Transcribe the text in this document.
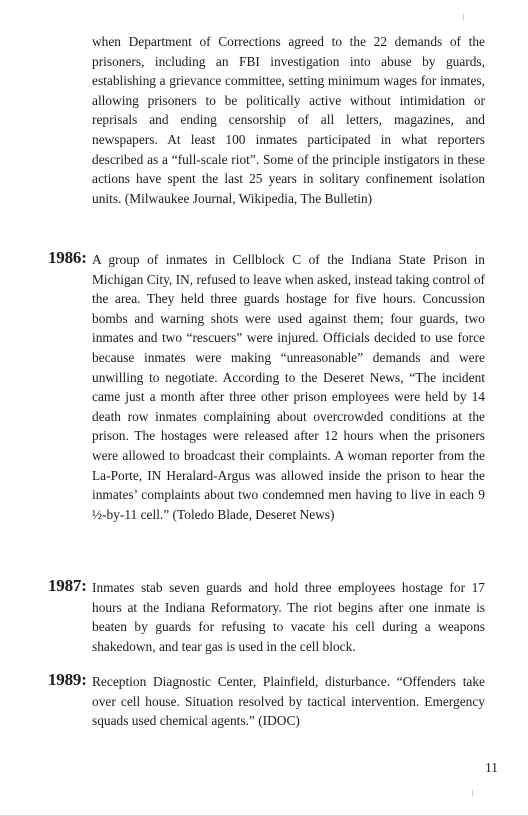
when Department of Corrections agreed to the 22 demands of the prisoners, including an FBI investigation into abuse by guards, establishing a grievance committee, setting minimum wages for inmates, allowing prisoners to be politically active without intimidation or reprisals and ending censorship of all letters, magazines, and newspapers. At least 100 inmates participated in what reporters described as a “full-scale riot”. Some of the principle instigators in these actions have spent the last 25 years in solitary confinement isolation units. (Milwaukee Journal, Wikipedia, The Bulletin)

1986: A group of inmates in Cellblock C of the Indiana State Prison in Michigan City, IN, refused to leave when asked, instead taking control of the area. They held three guards hostage for five hours. Concussion bombs and warning shots were used against them; four guards, two inmates and two “rescuers” were injured. Officials decided to use force because inmates were making “unreasonable” demands and were unwilling to negotiate. According to the Deseret News, “The incident came just a month after three other prison employees were held by 14 death row inmates complaining about overcrowded conditions at the prison. The hostages were released after 12 hours when the prisoners were allowed to broadcast their complaints. A woman reporter from the La-Porte, IN Heralard-Argus was allowed inside the prison to hear the inmates’ complaints about two condemned men having to live in each 9 ½-by-11 cell.” (Toledo Blade, Deseret News)
1987: Inmates stab seven guards and hold three employees hostage for 17 hours at the Indiana Reformatory. The riot begins after one inmate is beaten by guards for refusing to vacate his cell during a weapons shakedown, and tear gas is used in the cell block.
1989: Reception Diagnostic Center, Plainfield, disturbance. “Offenders take over cell house. Situation resolved by tactical intervention. Emergency squads used chemical agents.” (IDOC)
11
